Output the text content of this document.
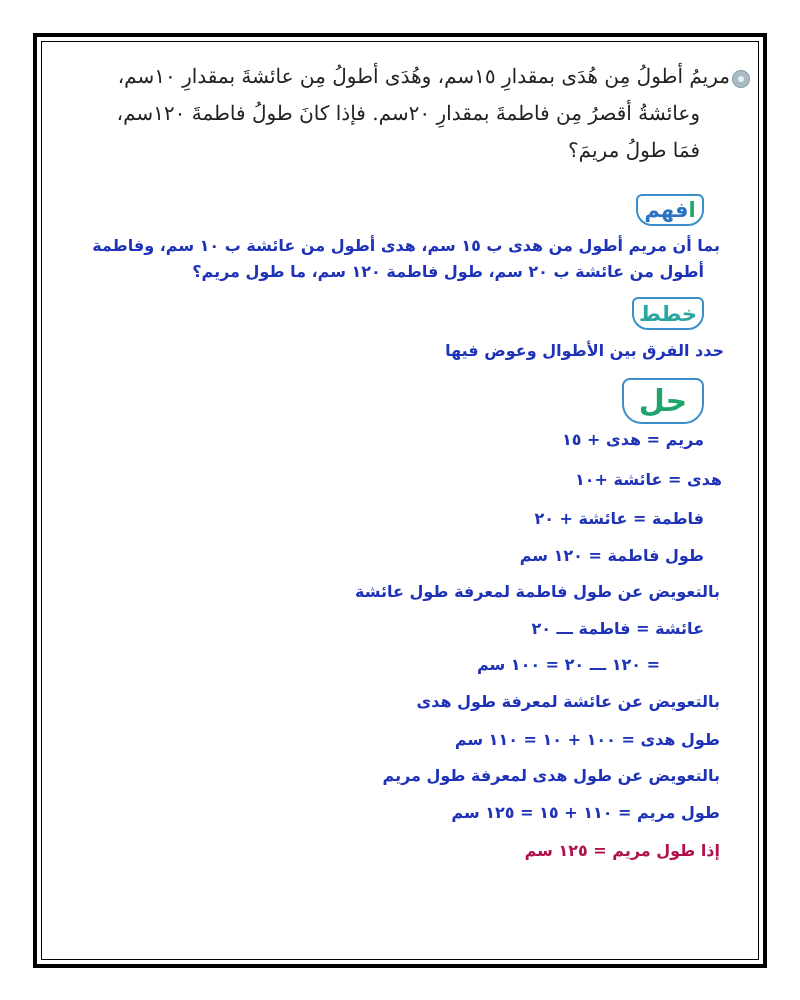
مريمُ أطولُ مِن هُدَى بمقدارِ ١٥سم، وهُدَى أطولُ مِن عائشةَ بمقدارِ ١٠سم،
وعائشةُ أقصرُ مِن فاطمةَ بمقدارِ ٢٠سم. فإذا كانَ طولُ فاطمةَ ١٢٠سم،
فمَا طولُ مريمَ؟
ا
فهم
بما أن مريم أطول من هدى ب ١٥ سم، هدى أطول من عائشة ب ١٠ سم، وفاطمة
أطول من عائشة ب ٢٠ سم، طول فاطمة ١٢٠ سم، ما طول مريم؟
خطط
حدد الفرق بين الأطوال وعوض فيها
حل
مريم = هدى + ١٥
هدى = عائشة +١٠
فاطمة = عائشة + ٢٠
طول فاطمة = ١٢٠ سم
بالتعويض عن طول فاطمة لمعرفة طول عائشة
عائشة = فاطمة ـــ ٢٠
= ١٢٠ ـــ ٢٠ = ١٠٠ سم
بالتعويض عن عائشة لمعرفة طول هدى
طول هدى = ١٠٠ + ١٠ = ١١٠ سم
بالتعويض عن طول هدى لمعرفة طول مريم
طول مريم = ١١٠ + ١٥ = ١٢٥ سم
إذا طول مريم = ١٢٥ سم
